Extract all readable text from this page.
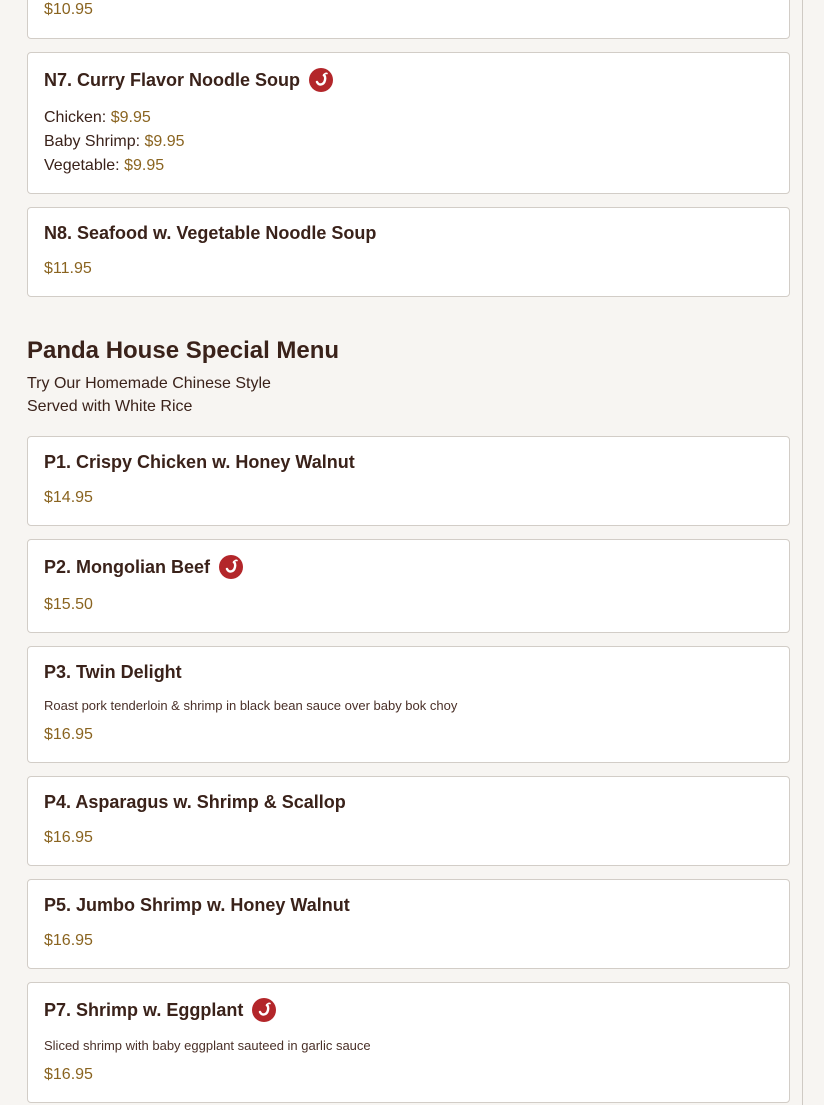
$10.95
N7. Curry Flavor Noodle Soup
Chicken: $9.95
Baby Shrimp: $9.95
Vegetable: $9.95
N8. Seafood w. Vegetable Noodle Soup
$11.95
Panda House Special Menu
Try Our Homemade Chinese Style
Served with White Rice
P1. Crispy Chicken w. Honey Walnut
$14.95
P2. Mongolian Beef
$15.50
P3. Twin Delight
Roast pork tenderloin & shrimp in black bean sauce over baby bok choy
$16.95
P4. Asparagus w. Shrimp & Scallop
$16.95
P5. Jumbo Shrimp w. Honey Walnut
$16.95
P7. Shrimp w. Eggplant
Sliced shrimp with baby eggplant sauteed in garlic sauce
$16.95
